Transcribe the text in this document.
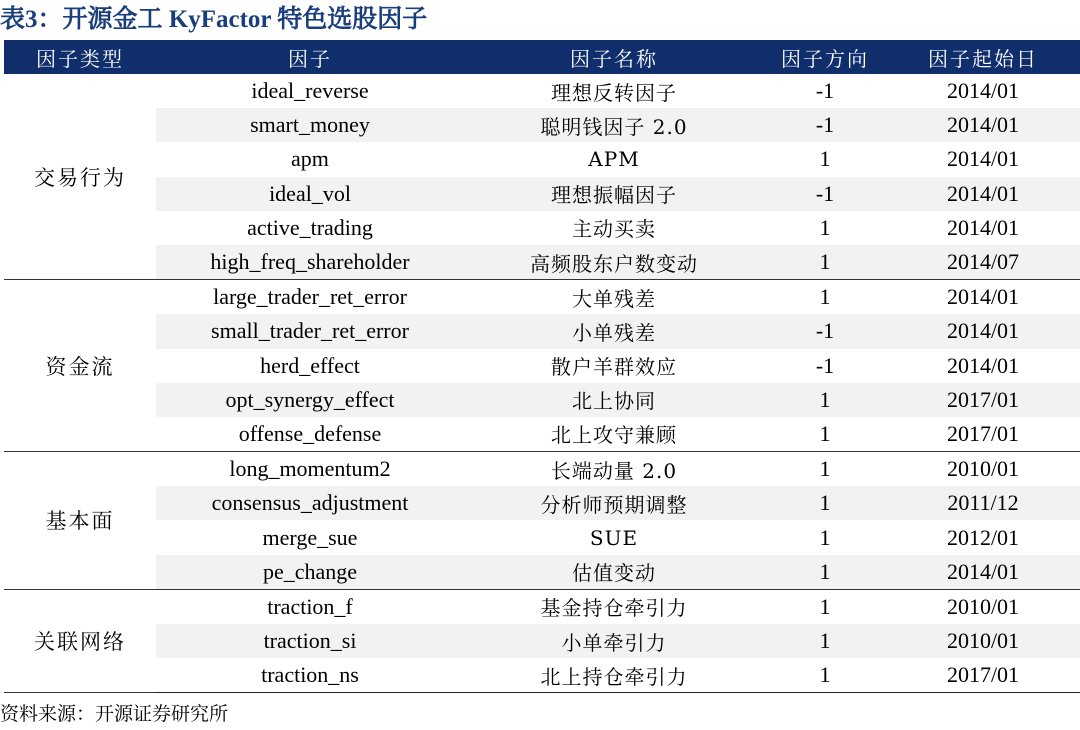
表3：开源金工 KyFactor 特色选股因子
因子类型	因子	因子名称	因子方向	因子起始日
交易行为	ideal_reverse	理想反转因子	-1	2014/01
	smart_money	聪明钱因子 2.0	-1	2014/01
	apm	APM	1	2014/01
	ideal_vol	理想振幅因子	-1	2014/01
	active_trading	主动买卖	1	2014/01
	high_freq_shareholder	高频股东户数变动	1	2014/07
资金流	large_trader_ret_error	大单残差	1	2014/01
	small_trader_ret_error	小单残差	-1	2014/01
	herd_effect	散户羊群效应	-1	2014/01
	opt_synergy_effect	北上协同	1	2017/01
	offense_defense	北上攻守兼顾	1	2017/01
基本面	long_momentum2	长端动量 2.0	1	2010/01
	consensus_adjustment	分析师预期调整	1	2011/12
	merge_sue	SUE	1	2012/01
	pe_change	估值变动	1	2014/01
关联网络	traction_f	基金持仓牵引力	1	2010/01
	traction_si	小单牵引力	1	2010/01
	traction_ns	北上持仓牵引力	1	2017/01
资料来源：开源证券研究所
